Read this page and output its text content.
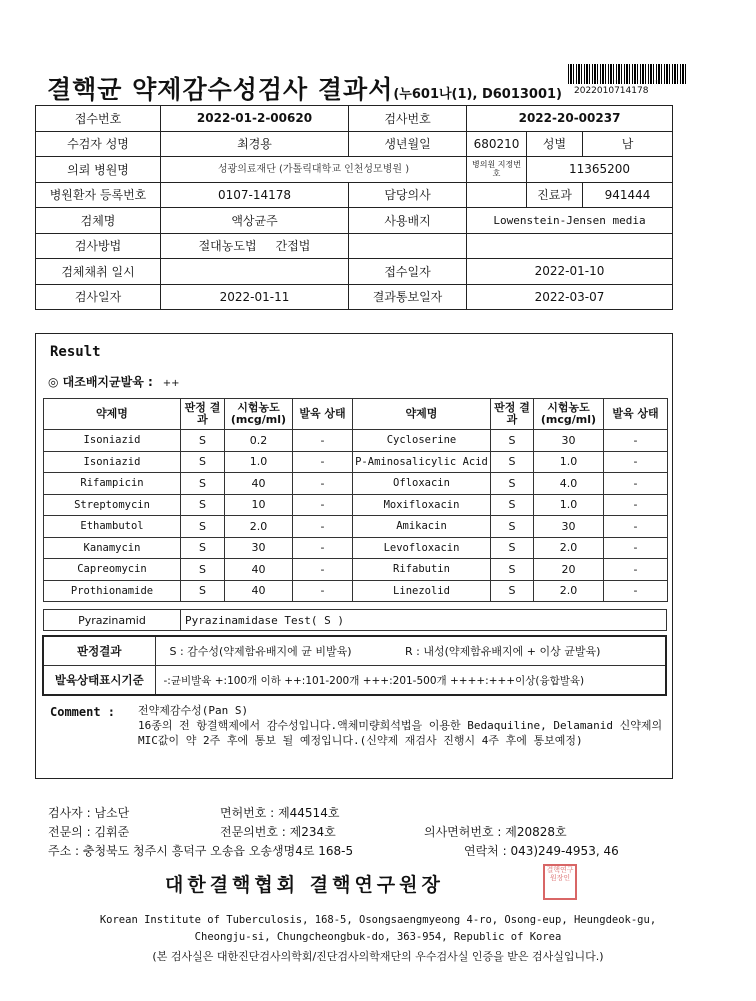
결핵균 약제감수성검사 결과서(누601나(1), D6013001) 2022010714178
접수번호	2022-01-2-00620	검사번호	2022-20-00237		
수검자 성명	최경용	생년월일	680210	성별	남
의뢰 병원명	성광의료재단 (가톨릭대학교 인천성모병원 )		병의원 지정번호	11365200	
병원환자 등록번호	0107-14178	담당의사		진료과	941444
검체명	액상균주	사용배지	Lowenstein-Jensen media		
검사방법	절대농도법 간접법				
검체채취 일시		접수일자	2022-01-10		
검사일자	2022-01-11	결과통보일자	2022-03-07		
Result
◎ 대조배지균발육 : ++
약제명	판정 결과	시험농도 (mcg/ml)	발육 상태	약제명	판정 결과	시험농도 (mcg/ml)	발육 상태
Isoniazid	S	0.2	-	Cycloserine	S	30	-
Isoniazid	S	1.0	-	P-Aminosalicylic Acid	S	1.0	-
Rifampicin	S	40	-	Ofloxacin	S	4.0	-
Streptomycin	S	10	-	Moxifloxacin	S	1.0	-
Ethambutol	S	2.0	-	Amikacin	S	30	-
Kanamycin	S	30	-	Levofloxacin	S	2.0	-
Capreomycin	S	40	-	Rifabutin	S	20	-
Prothionamide	S	40	-	Linezolid	S	2.0	-
Pyrazinamid	Pyrazinamidase Test( S )
판정결과	S : 감수성(약제함유배지에 균 비발육)	R : 내성(약제함유배지에 + 이상 균발육)
발육상태표시기준	-:균비발육 +:100개 이하 ++:101-200개 +++:201-500개 ++++:+++이상(융합발육)	
Comment : 전약제감수성(Pan S)
16종의 전 항결핵제에서 감수성입니다.액체미량희석법을 이용한 Bedaquiline, Delamanid 신약제의 MIC값이 약 2주 후에 통보 될 예정입니다.(신약제 재검사 진행시 4주 후에 통보예정)
검사자 : 남소단	면허번호 : 제44514호
전문의 : 김휘준	전문의번호 : 제234호	의사면허번호 : 제20828호
주소 : 충청북도 청주시 흥덕구 오송읍 오송생명4로 168-5	연락처 : 043)249-4953, 46
대한결핵협회 결핵연구원장
결핵연구원장인
Korean Institute of Tuberculosis, 168-5, Osongsaengmyeong 4-ro, Osong-eup, Heungdeok-gu,
Cheongju-si, Chungcheongbuk-do, 363-954, Republic of Korea
(본 검사실은 대한진단검사의학회/진단검사의학재단의 우수검사실 인증을 받은 검사실입니다.)
